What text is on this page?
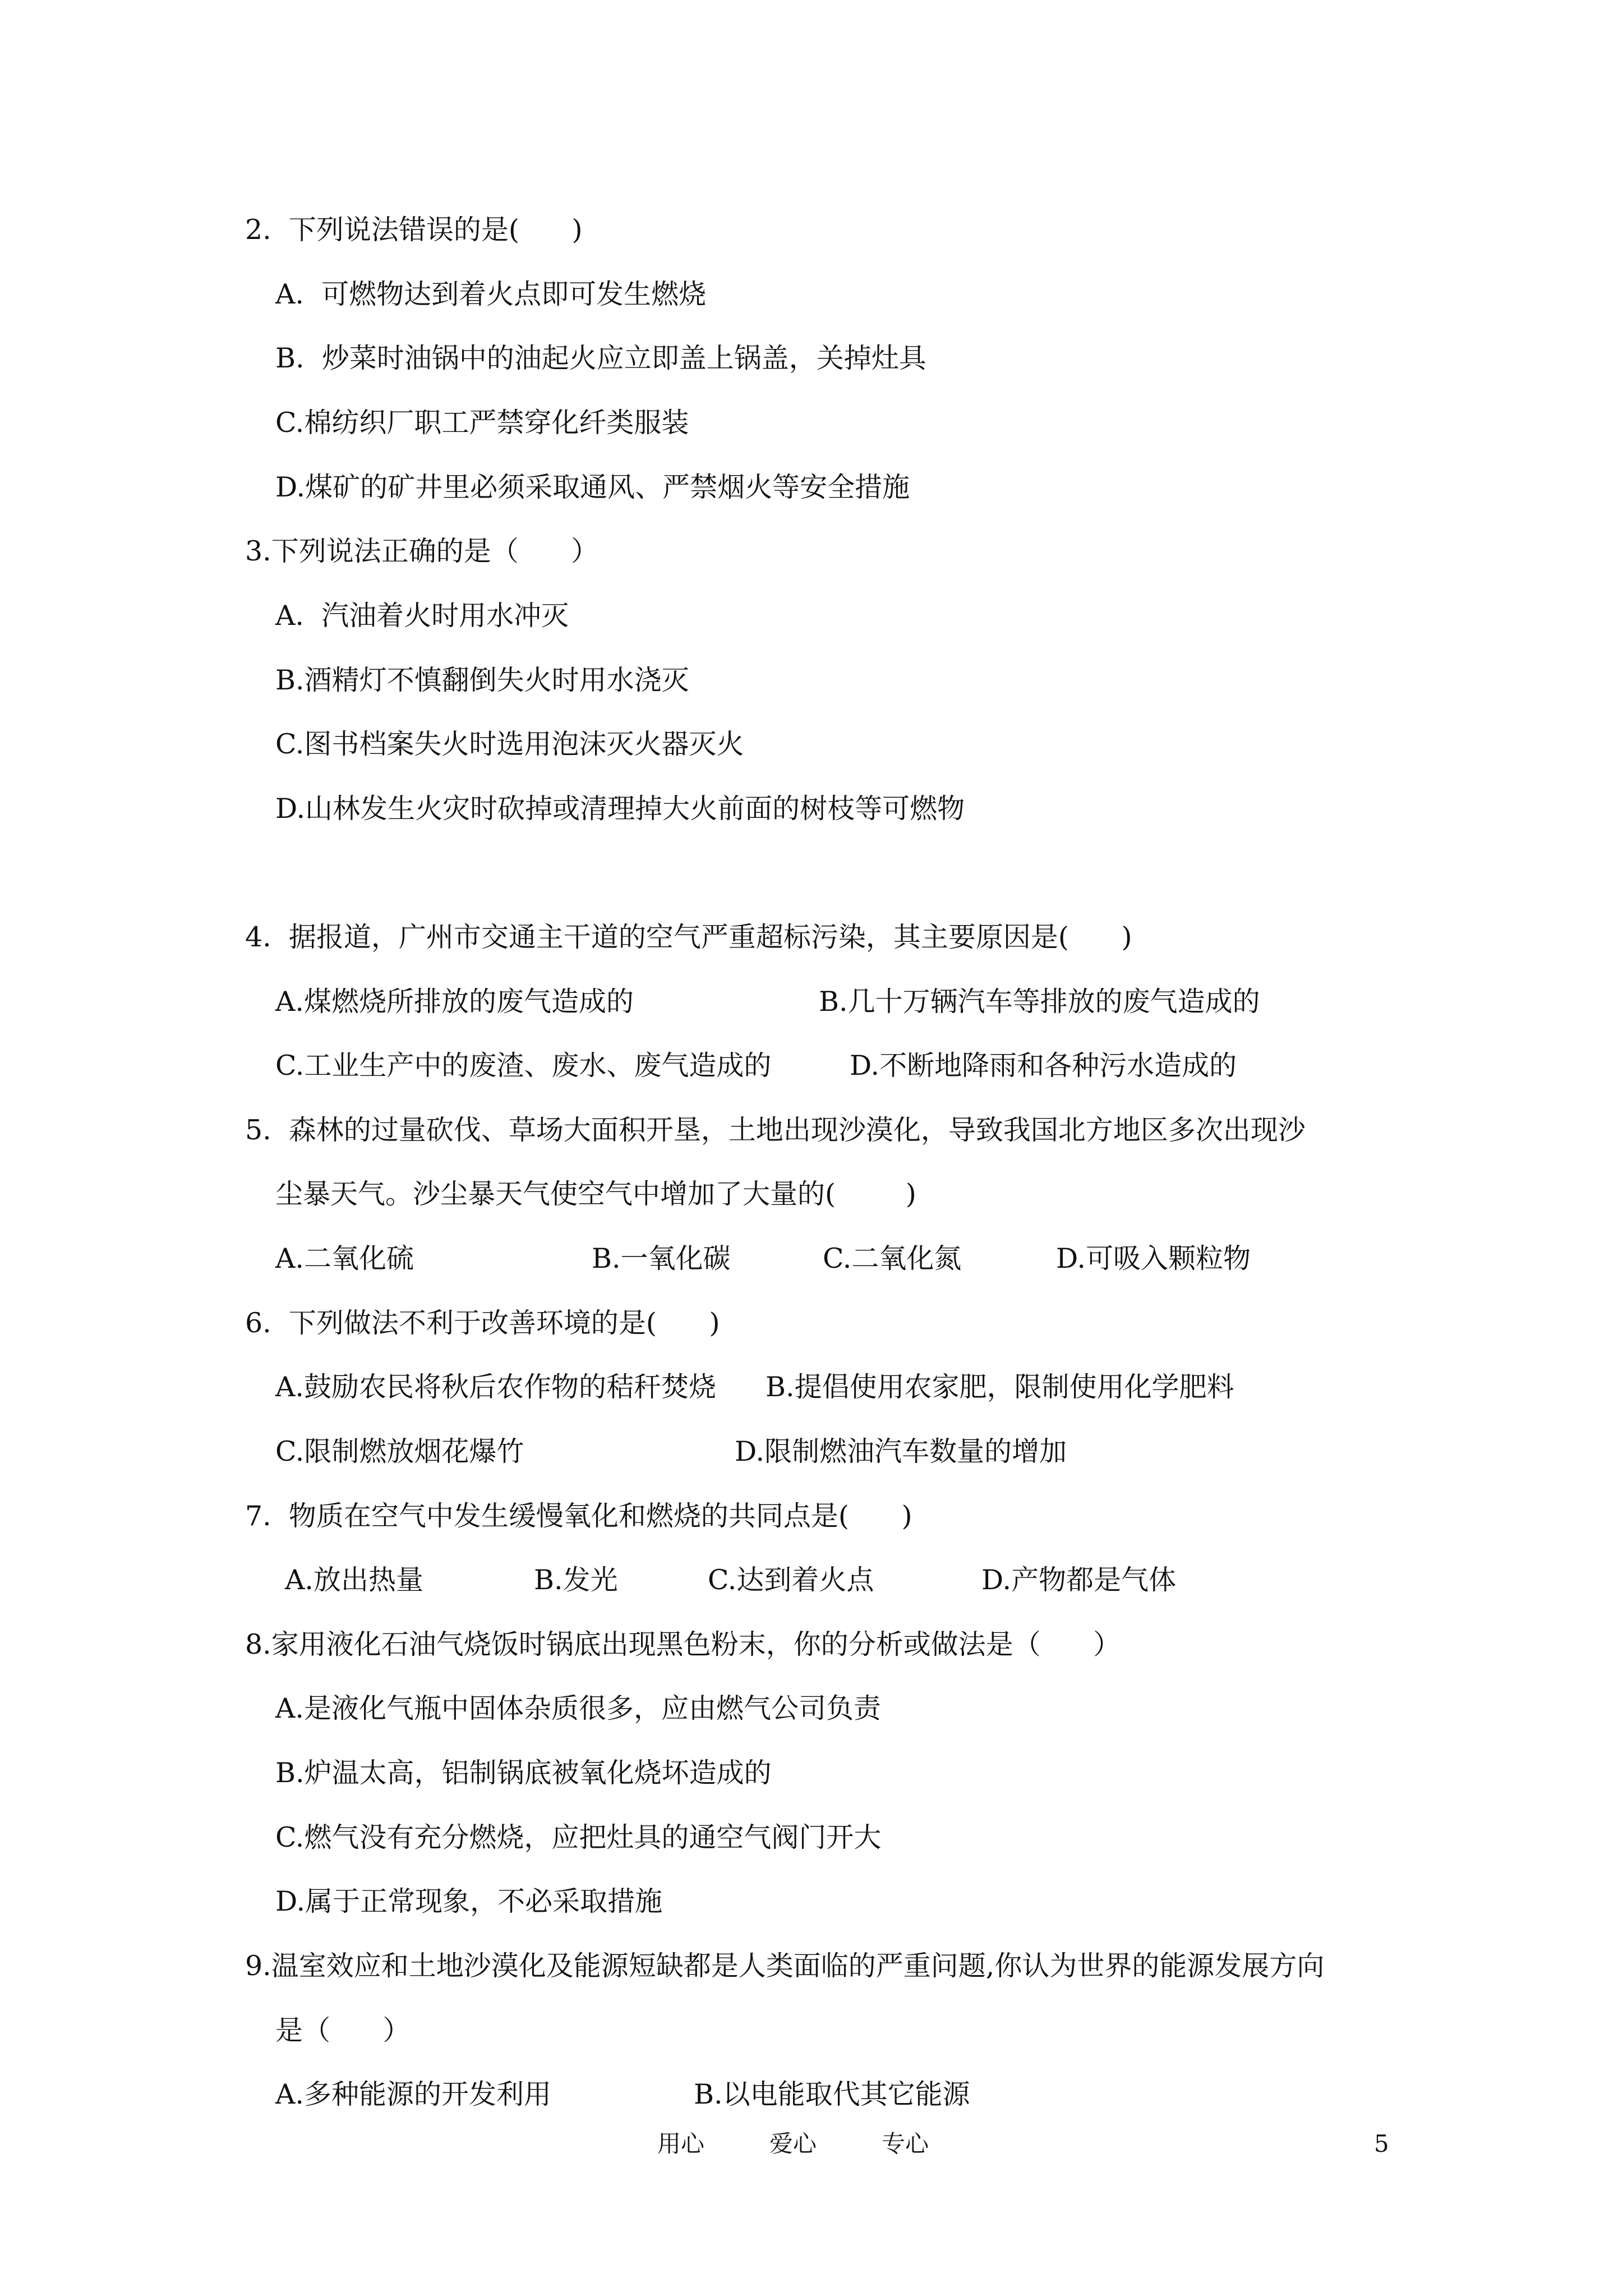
2.  下列说法错误的是(      )
A.  可燃物达到着火点即可发生燃烧
B.  炒菜时油锅中的油起火应立即盖上锅盖，关掉灶具
C.棉纺织厂职工严禁穿化纤类服装
D.煤矿的矿井里必须采取通风、严禁烟火等安全措施
3.下列说法正确的是（      ）
A.  汽油着火时用水冲灭
B.酒精灯不慎翻倒失火时用水浇灭
C.图书档案失火时选用泡沫灭火器灭火
D.山林发生火灾时砍掉或清理掉大火前面的树枝等可燃物
4.  据报道，广州市交通主干道的空气严重超标污染，其主要原因是(      )
A.煤燃烧所排放的废气造成的	B.几十万辆汽车等排放的废气造成的
C.工业生产中的废渣、废水、废气造成的	D.不断地降雨和各种污水造成的
5.  森林的过量砍伐、草场大面积开垦，土地出现沙漠化，导致我国北方地区多次出现沙
尘暴天气。沙尘暴天气使空气中增加了大量的(        )
A.二氧化硫	B.一氧化碳	C.二氧化氮	D.可吸入颗粒物
6.  下列做法不利于改善环境的是(      )
A.鼓励农民将秋后农作物的秸秆焚烧 B.提倡使用农家肥，限制使用化学肥料
C.限制燃放烟花爆竹	D.限制燃油汽车数量的增加
7.  物质在空气中发生缓慢氧化和燃烧的共同点是(      )
A.放出热量	B.发光	C.达到着火点	D.产物都是气体
8.家用液化石油气烧饭时锅底出现黑色粉末，你的分析或做法是（      ）
A.是液化气瓶中固体杂质很多，应由燃气公司负责
B.炉温太高，铝制锅底被氧化烧坏造成的
C.燃气没有充分燃烧，应把灶具的通空气阀门开大
D.属于正常现象，不必采取措施
9.温室效应和土地沙漠化及能源短缺都是人类面临的严重问题,你认为世界的能源发展方向
是（      ）
A.多种能源的开发利用	B.以电能取代其它能源
用心	爱心	专心	5
